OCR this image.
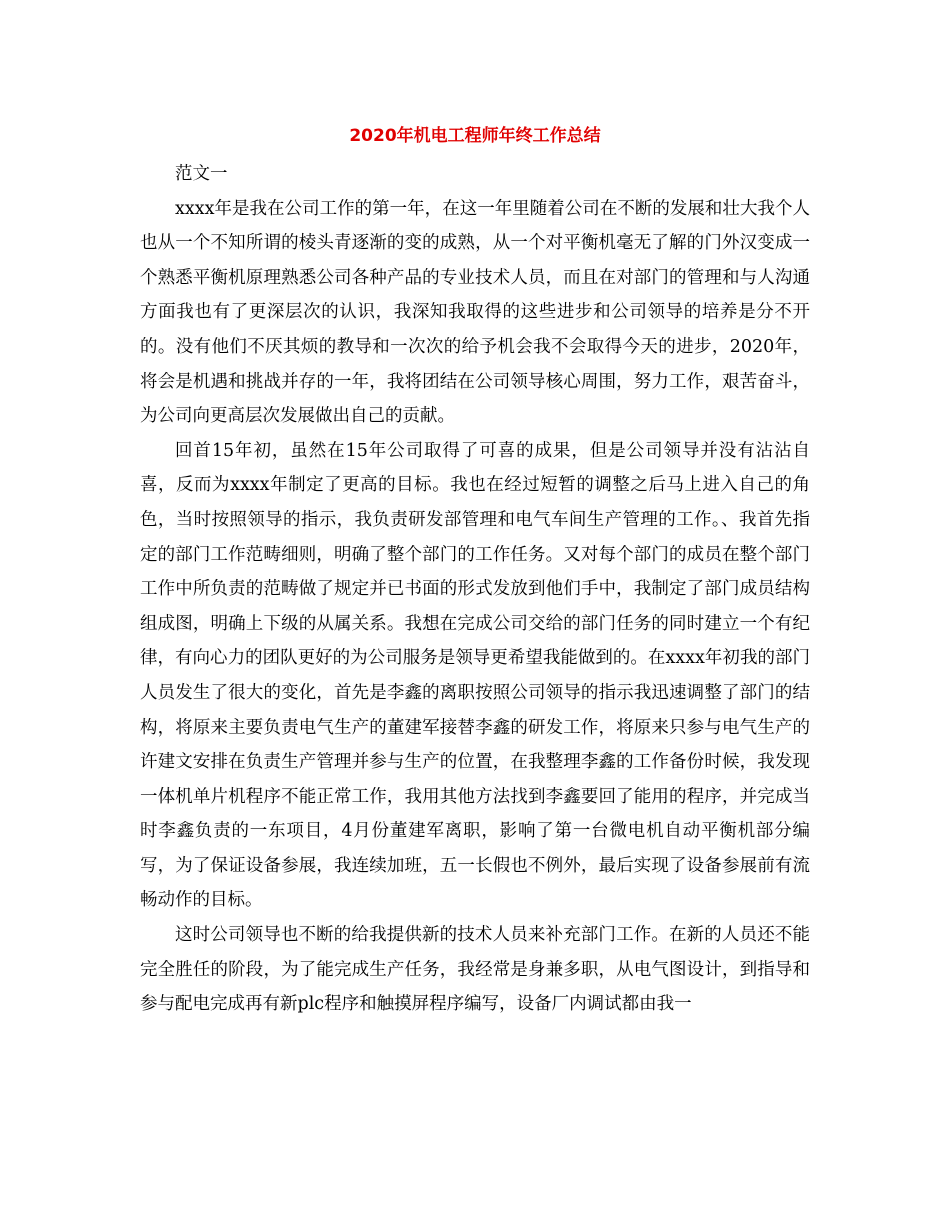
2020年机电工程师年终工作总结

范文一

xxxx年是我在公司工作的第一年，在这一年里随着公司在不断的发展和壮大我个人也从一个不知所谓的棱头青逐渐的变的成熟，从一个对平衡机毫无了解的门外汉变成一个熟悉平衡机原理熟悉公司各种产品的专业技术人员，而且在对部门的管理和与人沟通方面我也有了更深层次的认识，我深知我取得的这些进步和公司领导的培养是分不开的。没有他们不厌其烦的教导和一次次的给予机会我不会取得今天的进步，2020年，将会是机遇和挑战并存的一年，我将团结在公司领导核心周围，努力工作，艰苦奋斗，为公司向更高层次发展做出自己的贡献。

回首15年初，虽然在15年公司取得了可喜的成果，但是公司领导并没有沾沾自喜，反而为xxxx年制定了更高的目标。我也在经过短暂的调整之后马上进入自己的角色，当时按照领导的指示，我负责研发部管理和电气车间生产管理的工作。、我首先指定的部门工作范畴细则，明确了整个部门的工作任务。又对每个部门的成员在整个部门工作中所负责的范畴做了规定并已书面的形式发放到他们手中，我制定了部门成员结构组成图，明确上下级的从属关系。我想在完成公司交给的部门任务的同时建立一个有纪律，有向心力的团队更好的为公司服务是领导更希望我能做到的。在xxxx年初我的部门人员发生了很大的变化，首先是李鑫的离职按照公司领导的指示我迅速调整了部门的结构，将原来主要负责电气生产的董建军接替李鑫的研发工作，将原来只参与电气生产的许建文安排在负责生产管理并参与生产的位置，在我整理李鑫的工作备份时候，我发现一体机单片机程序不能正常工作，我用其他方法找到李鑫要回了能用的程序，并完成当时李鑫负责的一东项目，4月份董建军离职，影响了第一台微电机自动平衡机部分编写，为了保证设备参展，我连续加班，五一长假也不例外，最后实现了设备参展前有流畅动作的目标。

这时公司领导也不断的给我提供新的技术人员来补充部门工作。在新的人员还不能完全胜任的阶段，为了能完成生产任务，我经常是身兼多职，从电气图设计，到指导和参与配电完成再有新plc程序和触摸屏程序编写，设备厂内调试都由我一
